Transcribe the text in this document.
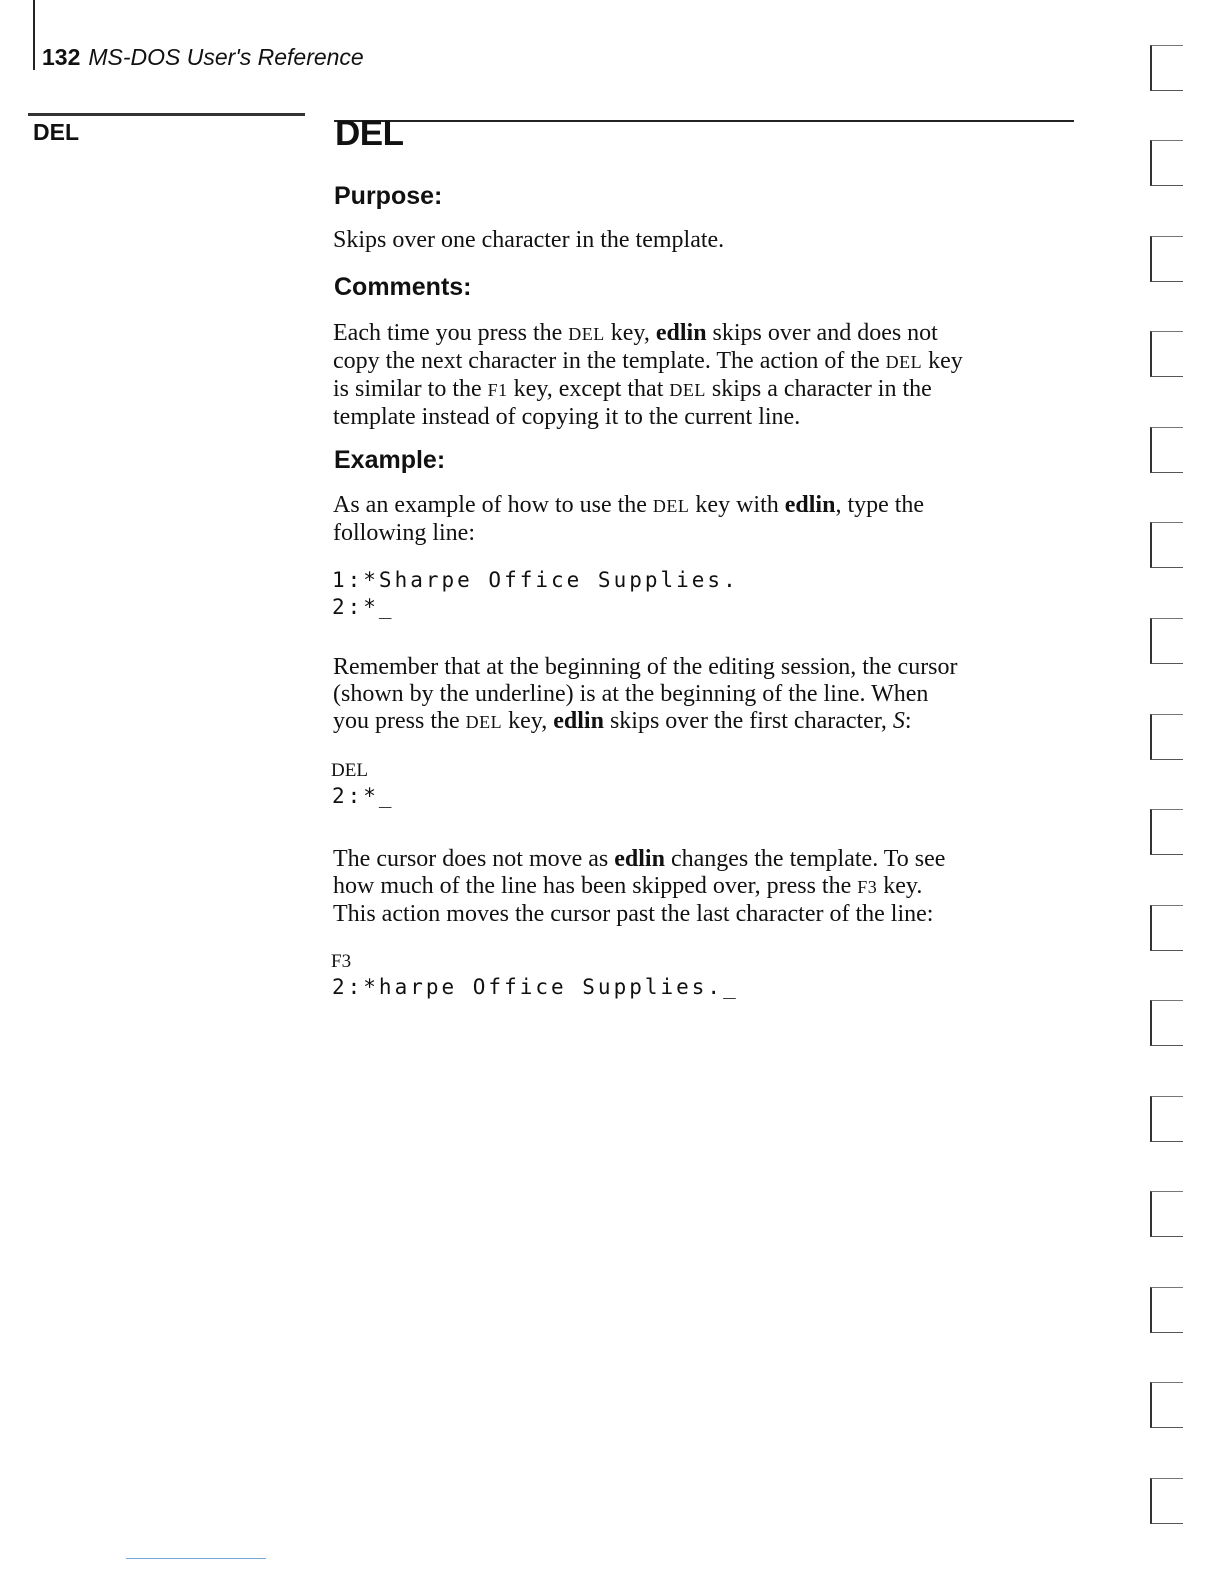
132 MS-DOS User's Reference
DEL	DEL
Purpose:
Skips over one character in the template.
Comments:
Each time you press the DEL key, edlin skips over and does not
copy the next character in the template. The action of the DEL key
is similar to the F1 key, except that DEL skips a character in the
template instead of copying it to the current line.
Example:
As an example of how to use the DEL key with edlin, type the
following line:
1:*Sharpe Office Supplies.
2:*_
Remember that at the beginning of the editing session, the cursor
(shown by the underline) is at the beginning of the line. When
you press the DEL key, edlin skips over the first character, S:
DEL
2:*_
The cursor does not move as edlin changes the template. To see
how much of the line has been skipped over, press the F3 key.
This action moves the cursor past the last character of the line:
F3
2:*harpe Office Supplies._
